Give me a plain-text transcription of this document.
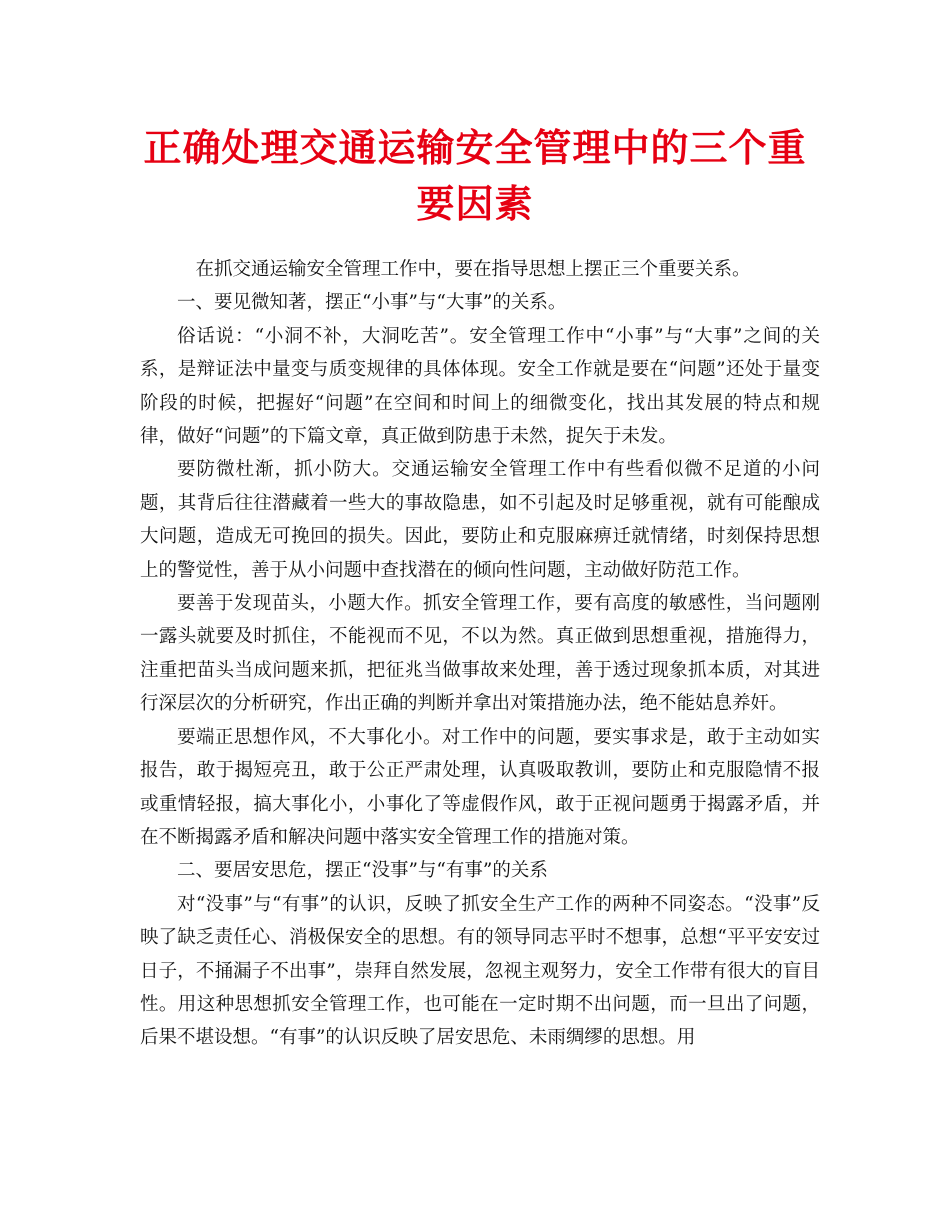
正确处理交通运输安全管理中的三个重要因素

在抓交通运输安全管理工作中，要在指导思想上摆正三个重要关系。

一、要见微知著，摆正“小事”与“大事”的关系。

俗话说：“小洞不补，大洞吃苦”。安全管理工作中“小事”与“大事”之间的关系，是辩证法中量变与质变规律的具体体现。安全工作就是要在“问题”还处于量变阶段的时候，把握好“问题”在空间和时间上的细微变化，找出其发展的特点和规律，做好“问题”的下篇文章，真正做到防患于未然，捉矢于未发。

要防微杜渐，抓小防大。交通运输安全管理工作中有些看似微不足道的小问题，其背后往往潜藏着一些大的事故隐患，如不引起及时足够重视，就有可能酿成大问题，造成无可挽回的损失。因此，要防止和克服麻痹迁就情绪，时刻保持思想上的警觉性，善于从小问题中查找潜在的倾向性问题，主动做好防范工作。

要善于发现苗头，小题大作。抓安全管理工作，要有高度的敏感性，当问题刚一露头就要及时抓住，不能视而不见，不以为然。真正做到思想重视，措施得力，注重把苗头当成问题来抓，把征兆当做事故来处理，善于透过现象抓本质，对其进行深层次的分析研究，作出正确的判断并拿出对策措施办法，绝不能姑息养奸。

要端正思想作风，不大事化小。对工作中的问题，要实事求是，敢于主动如实报告，敢于揭短亮丑，敢于公正严肃处理，认真吸取教训，要防止和克服隐情不报或重情轻报，搞大事化小，小事化了等虚假作风，敢于正视问题勇于揭露矛盾，并在不断揭露矛盾和解决问题中落实安全管理工作的措施对策。

二、要居安思危，摆正“没事”与“有事”的关系

对“没事”与“有事”的认识，反映了抓安全生产工作的两种不同姿态。“没事”反映了缺乏责任心、消极保安全的思想。有的领导同志平时不想事，总想“平平安安过日子，不捅漏子不出事”，崇拜自然发展，忽视主观努力，安全工作带有很大的盲目性。用这种思想抓安全管理工作，也可能在一定时期不出问题，而一旦出了问题，后果不堪设想。“有事”的认识反映了居安思危、未雨绸缪的思想。用
